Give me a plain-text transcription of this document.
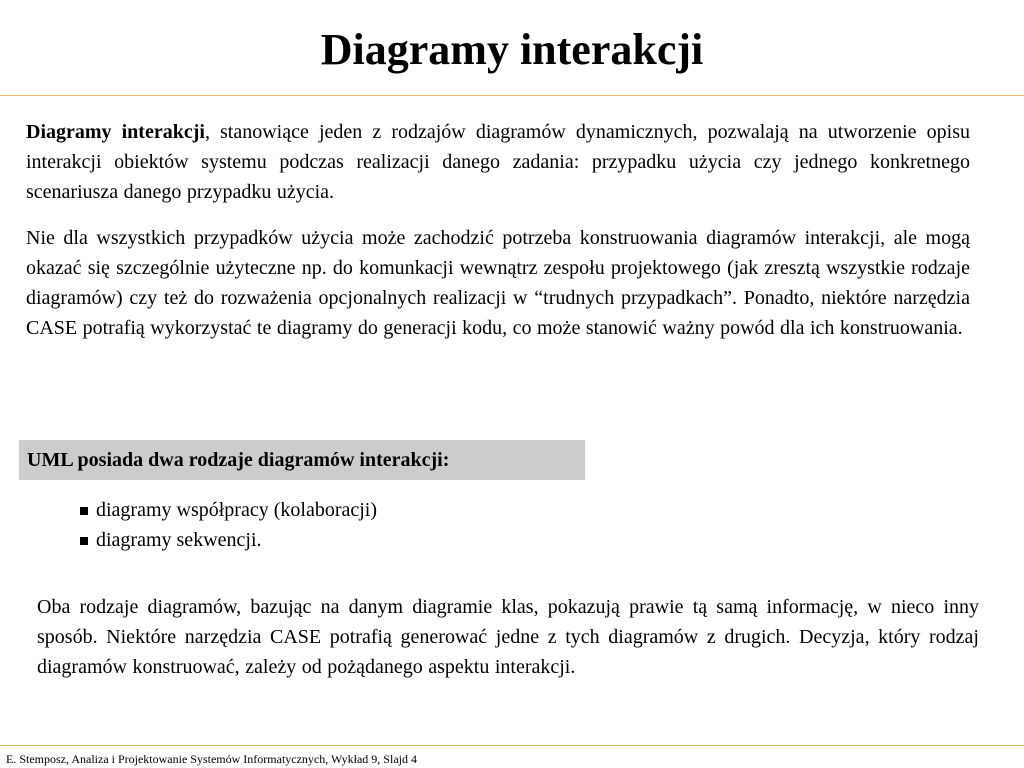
Diagramy interakcji

Diagramy interakcji, stanowiące jeden z rodzajów diagramów dynamicznych, pozwalają na utworzenie opisu interakcji obiektów systemu podczas realizacji danego zadania: przypadku użycia czy jednego konkretnego scenariusza danego przypadku użycia.

Nie dla wszystkich przypadków użycia może zachodzić potrzeba konstruowania diagramów interakcji, ale mogą okazać się szczególnie użyteczne np. do komunkacji wewnątrz zespołu projektowego (jak zresztą wszystkie rodzaje diagramów) czy też do rozważenia opcjonalnych realizacji w “trudnych przypadkach”. Ponadto, niektóre narzędzia CASE potrafią wykorzystać te diagramy do generacji kodu, co może stanowić ważny powód dla ich konstruowania.

UML posiada dwa rodzaje diagramów interakcji:
diagramy współpracy (kolaboracji)
diagramy sekwencji.

Oba rodzaje diagramów, bazując na danym diagramie klas, pokazują prawie tą samą informację, w nieco inny sposób. Niektóre narzędzia CASE potrafią generować jedne z tych diagramów z drugich. Decyzja, który rodzaj diagramów konstruować, zależy od pożądanego aspektu interakcji.

E. Stemposz, Analiza i Projektowanie Systemów Informatycznych, Wykład 9, Slajd 4
